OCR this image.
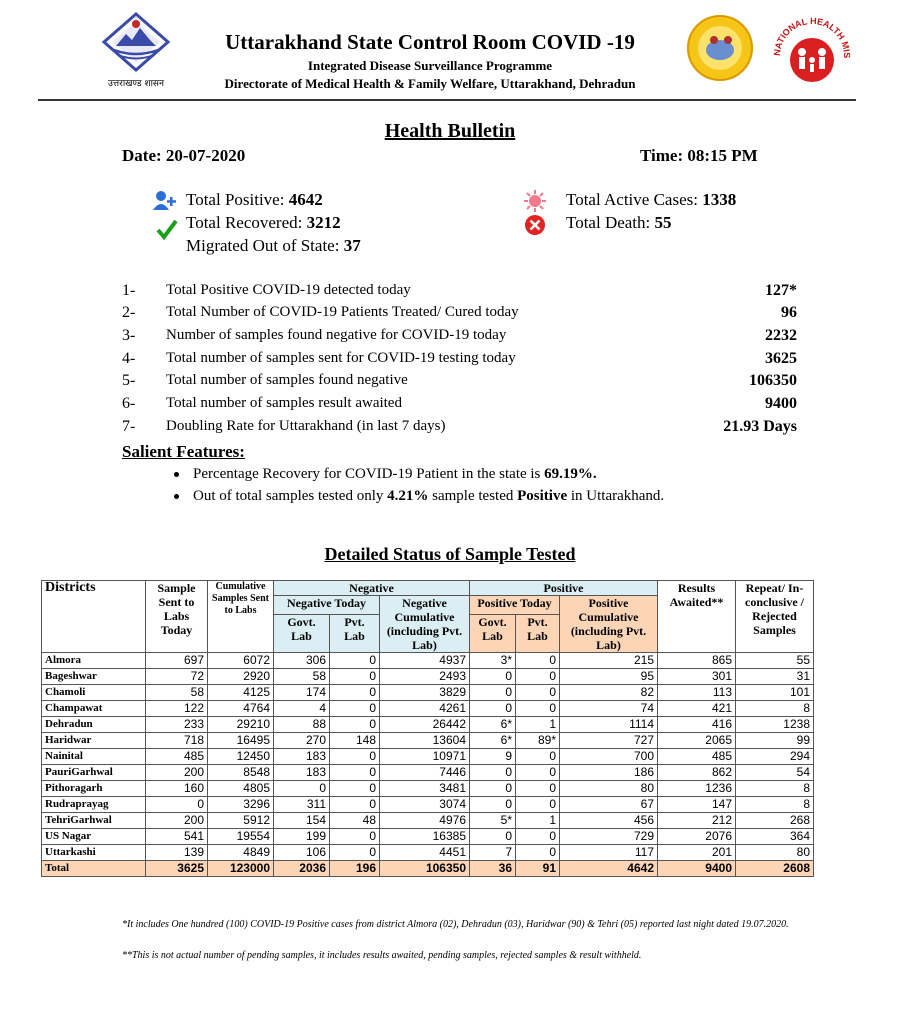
उत्तराखण्ड शासन
Uttarakhand State Control Room COVID -19
Integrated Disease Surveillance Programme
Directorate of Medical Health & Family Welfare, Uttarakhand, Dehradun
NATIONAL HEALTH MIS
Health Bulletin
Date: 20-07-2020	Time: 08:15 PM
Total Positive: 4642
Total Recovered: 3212
Migrated Out of State: 37
Total Active Cases: 1338
Total Death: 55
1- Total Positive COVID-19 detected today	127*
2- Total Number of COVID-19 Patients Treated/ Cured today	96
3- Number of samples found negative for COVID-19 today	2232
4- Total number of samples sent for COVID-19 testing today	3625
5- Total number of samples found negative	106350
6- Total number of samples result awaited	9400
7- Doubling Rate for Uttarakhand (in last 7 days)	21.93 Days
Salient Features:
Percentage Recovery for COVID-19 Patient in the state is 69.19%.
Out of total samples tested only 4.21% sample tested Positive in Uttarakhand.
Detailed Status of Sample Tested
Districts	Sample Sent to Labs Today	Cumulative Samples Sent to Labs	Negative			Positive			Results Awaited**	Repeat/ In-conclusive / Rejected Samples
			Negative Today		Negative Cumulative (including Pvt. Lab)	Positive Today		Positive Cumulative (including Pvt. Lab)		
			Govt. Lab	Pvt. Lab		Govt. Lab	Pvt. Lab			
Almora	697	6072	306	0	4937	3*	0	215	865	55
Bageshwar	72	2920	58	0	2493	0	0	95	301	31
Chamoli	58	4125	174	0	3829	0	0	82	113	101
Champawat	122	4764	4	0	4261	0	0	74	421	8
Dehradun	233	29210	88	0	26442	6*	1	1114	416	1238
Haridwar	718	16495	270	148	13604	6*	89*	727	2065	99
Nainital	485	12450	183	0	10971	9	0	700	485	294
PauriGarhwal	200	8548	183	0	7446	0	0	186	862	54
Pithoragarh	160	4805	0	0	3481	0	0	80	1236	8
Rudraprayag	0	3296	311	0	3074	0	0	67	147	8
TehriGarhwal	200	5912	154	48	4976	5*	1	456	212	268
US Nagar	541	19554	199	0	16385	0	0	729	2076	364
Uttarkashi	139	4849	106	0	4451	7	0	117	201	80
Total	3625	123000	2036	196	106350	36	91	4642	9400	2608
*It includes One hundred (100) COVID-19 Positive cases from district Almora (02), Dehradun (03), Haridwar (90) & Tehri (05) reported last night dated 19.07.2020.
**This is not actual number of pending samples, it includes results awaited, pending samples, rejected samples & result withheld.
